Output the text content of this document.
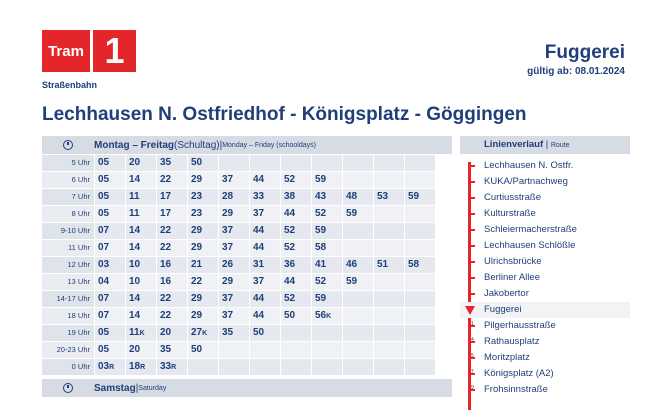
Tram 1
Straßenbahn
Fuggerei
gültig ab: 08.01.2024
Lechhausen N. Ostfriedhof - Königsplatz - Göggingen
Montag – Freitag (Schultag) | Monday – Friday (schooldays)
5 Uhr 05	20	35	50
6 Uhr 05	14	22	29	37	44	52	59
7 Uhr 05	11	17	23	28	33	38	43	48	53	59
8 Uhr 05	11	17	23	29	37	44	52	59
9-10 Uhr 07	14	22	29	37	44	52	59
11 Uhr 07	14	22	29	37	44	52	58
12 Uhr 03	10	16	21	26	31	36	41	46	51	58
13 Uhr 04	10	16	22	29	37	44	52	59
14-17 Uhr 07	14	22	29	37	44	52	59
18 Uhr 07	14	22	29	37	44	50	56K
19 Uhr 05	11K	20	27K	35	50
20-23 Uhr 05	20	35	50
0 Uhr 03R	18R	33R
Samstag | Saturday
Linienverlauf | Route
Lechhausen N. Ostfr.
KUKA/Partnachweg
Curtiusstraße
Kulturstraße
Schleiermacherstraße
Lechhausen Schlößle
Ulrichsbrücke
Berliner Allee
Jakobertor
Fuggerei
1 Pilgerhausstraße
4 Rathausplatz
5 Moritzplatz
7 Königsplatz (A2)
9 Frohsinnstraße
